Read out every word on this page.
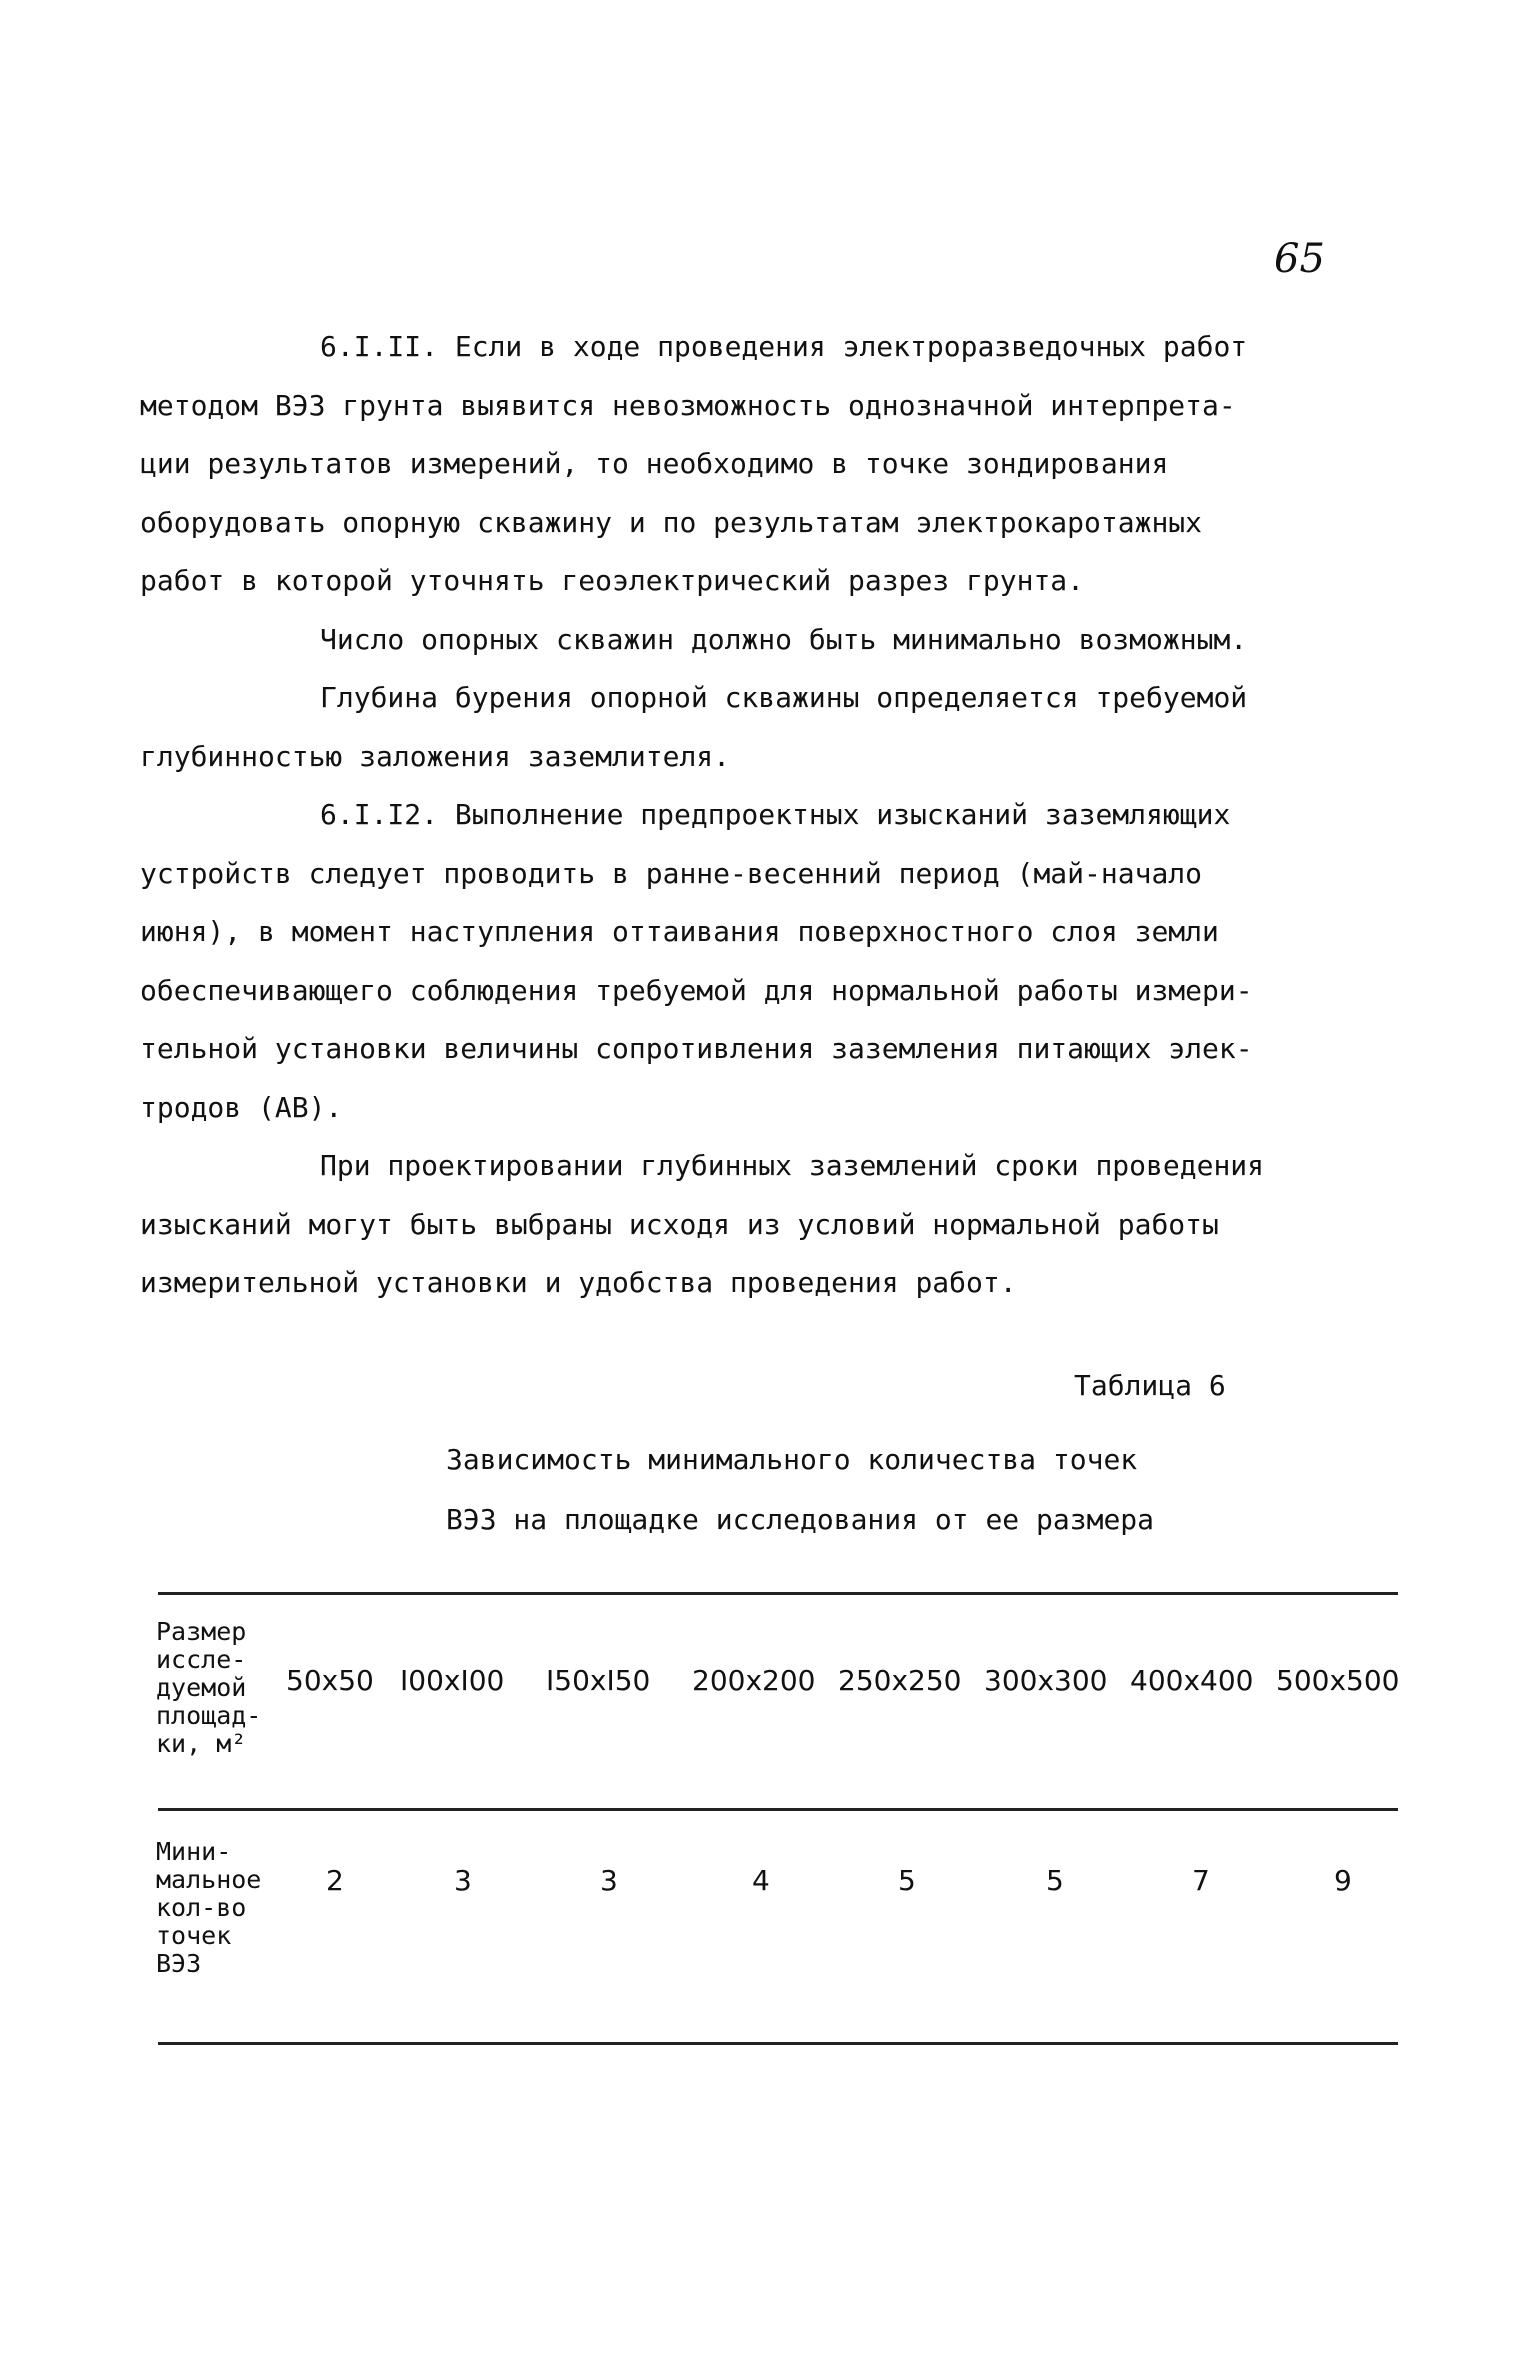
65
6.I.II. Если в ходе проведения электроразведочных работ
методом ВЭЗ грунта выявится невозможность однозначной интерпрета-
ции результатов измерений, то необходимо в точке зондирования
оборудовать опорную скважину и по результатам электрокаротажных
работ в которой уточнять геоэлектрический разрез грунта.
Число опорных скважин должно быть минимально возможным.
Глубина бурения опорной скважины определяется требуемой
глубинностью заложения заземлителя.
6.I.I2. Выполнение предпроектных изысканий заземляющих
устройств следует проводить в ранне-весенний период (май-начало
июня), в момент наступления оттаивания поверхностного слоя земли
обеспечивающего соблюдения требуемой для нормальной работы измери-
тельной установки величины сопротивления заземления питающих элек-
тродов (АВ).
При проектировании глубинных заземлений сроки проведения
изысканий могут быть выбраны исходя из условий нормальной работы
измерительной установки и удобства проведения работ.
Таблица 6
Зависимость минимального количества точек
ВЭЗ на площадке исследования от ее размера
Размер
иссле-
дуемой
площад-
ки, м²
50x50 I00xI00 I50xI50 200x200 250x250 300x300 400x400 500x500
Мини-
мальное
кол-во
точек
ВЭЗ
2	3	3	4	5	5	7	9
